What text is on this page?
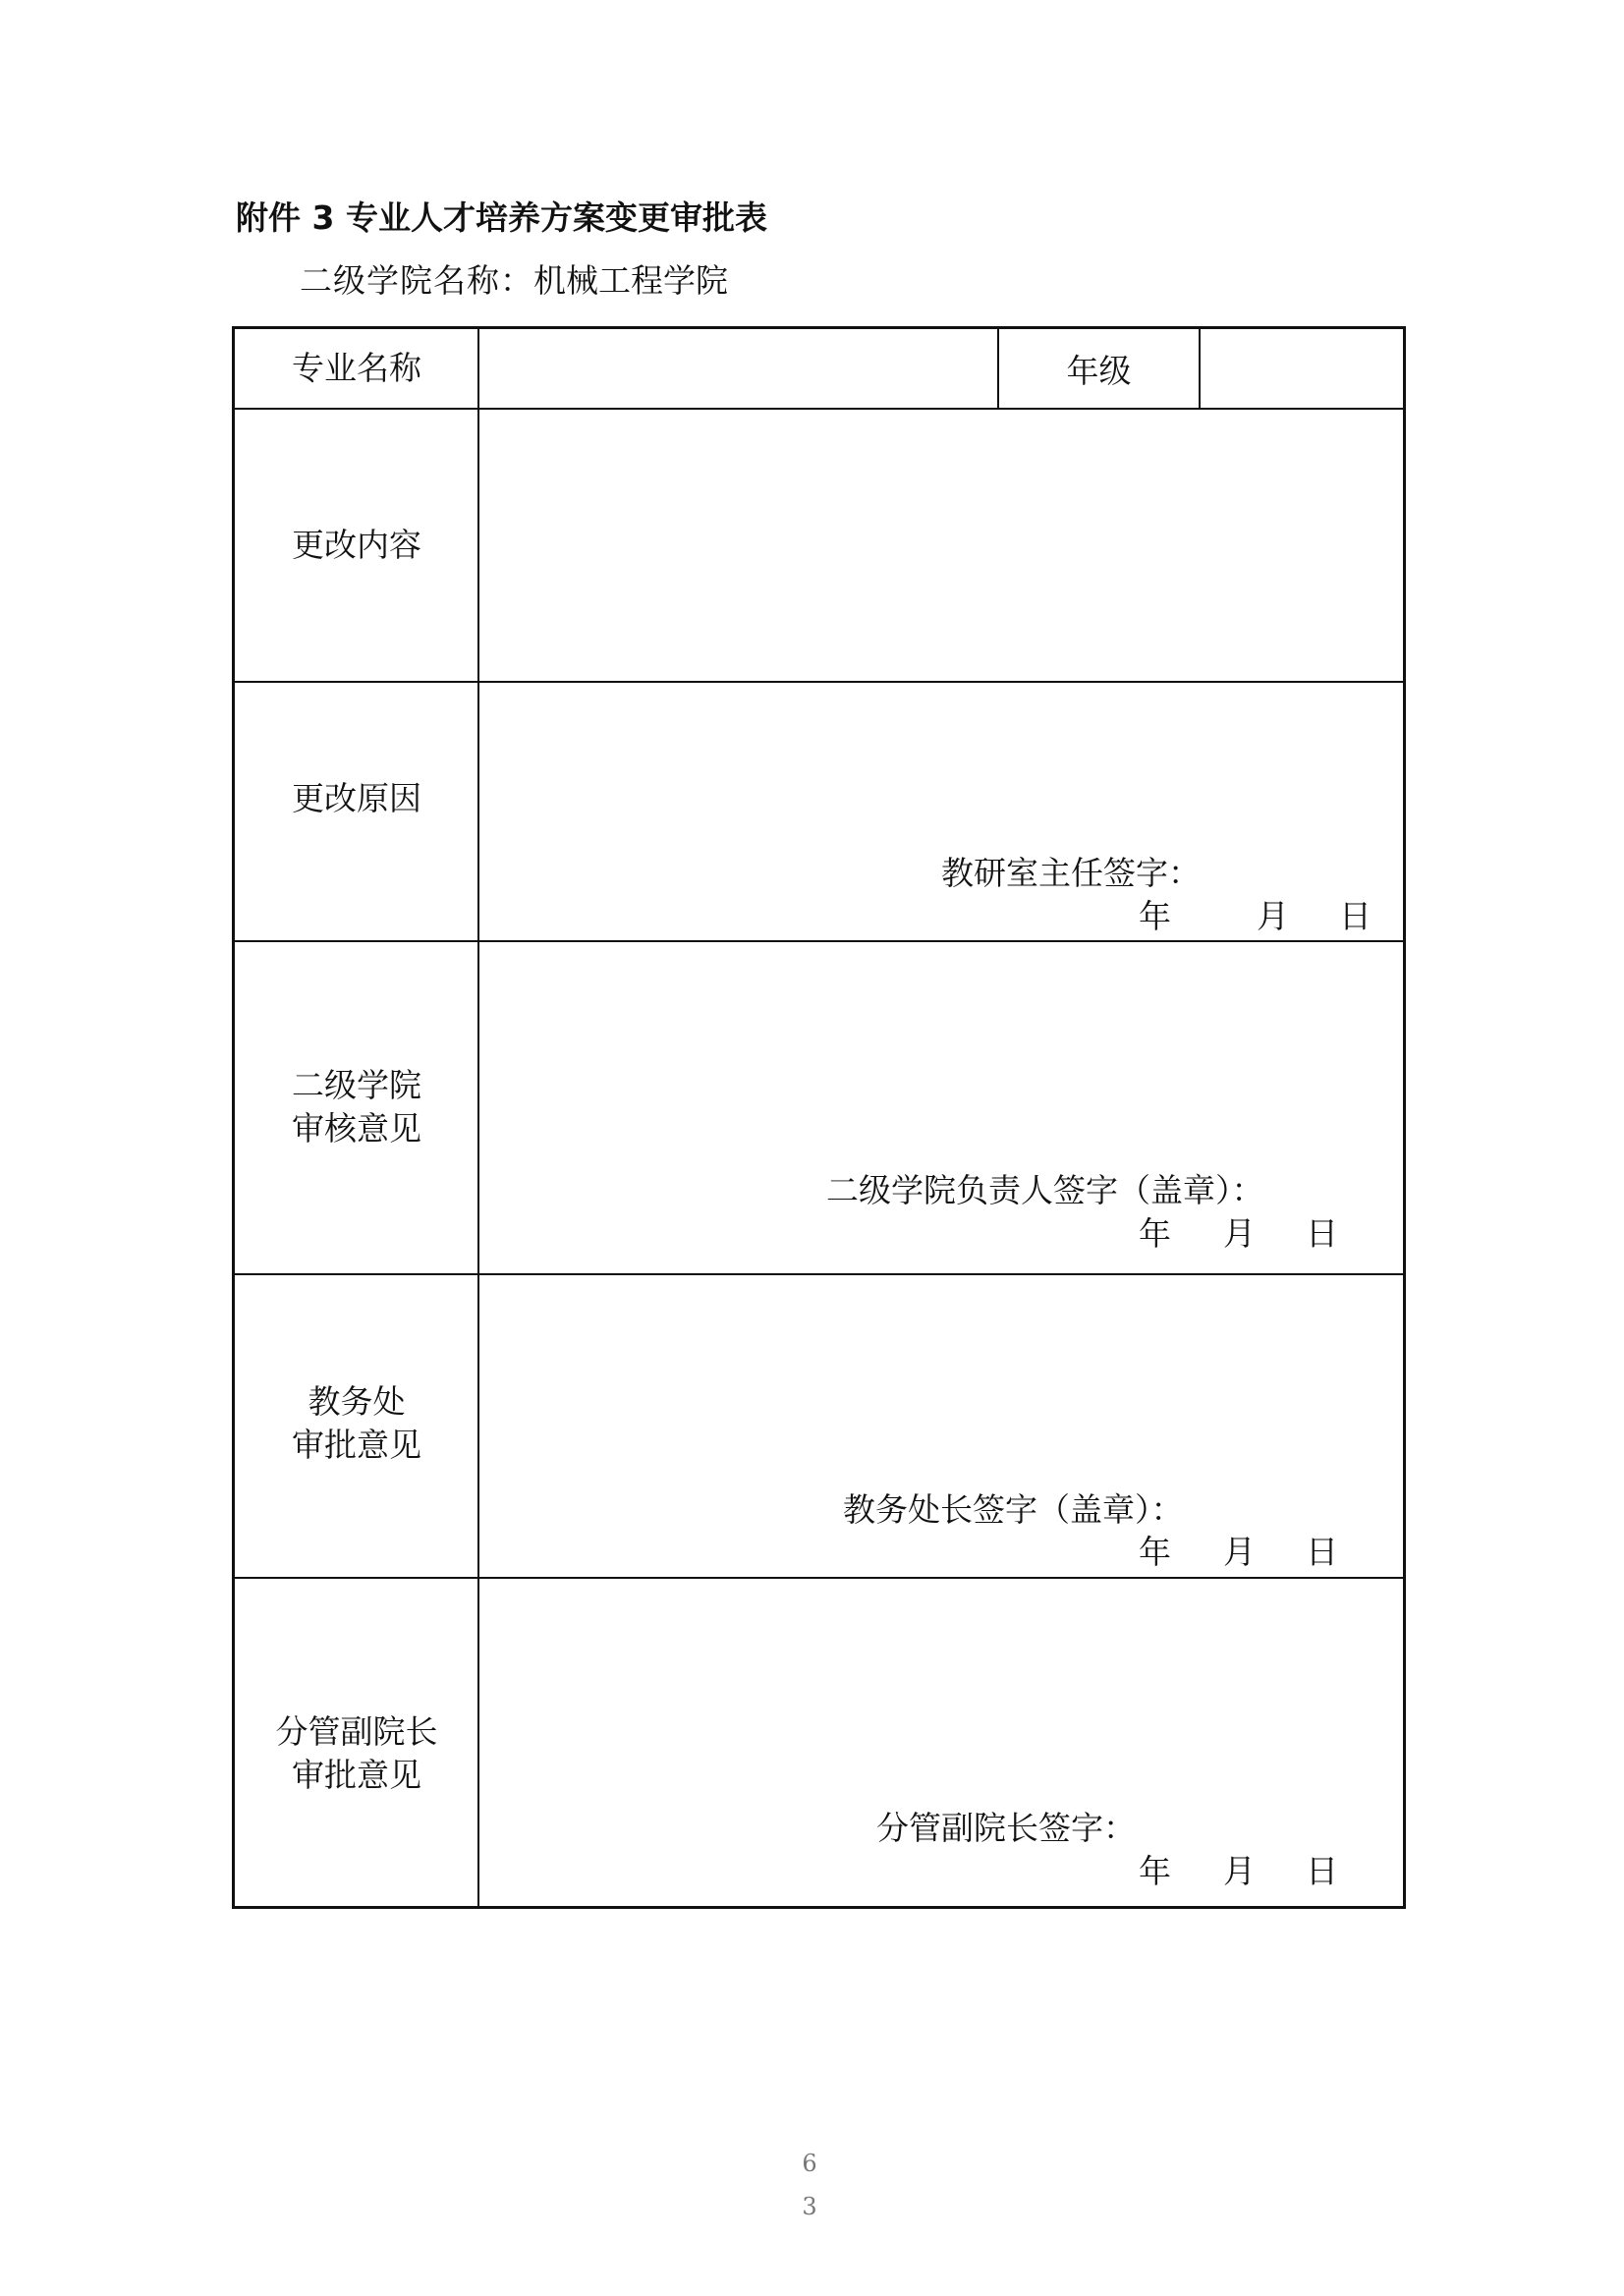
附件 3 专业人才培养方案变更审批表
二级学院名称：机械工程学院
专业名称	年级
更改内容
更改原因
教研室主任签字：
年	月 日
二级学院
审核意见
二级学院负责人签字（盖章）：
年 月 日
教务处
审批意见
教务处长签字（盖章）：
年 月 日
分管副院长
审批意见
分管副院长签字：
年 月 日
6
3
